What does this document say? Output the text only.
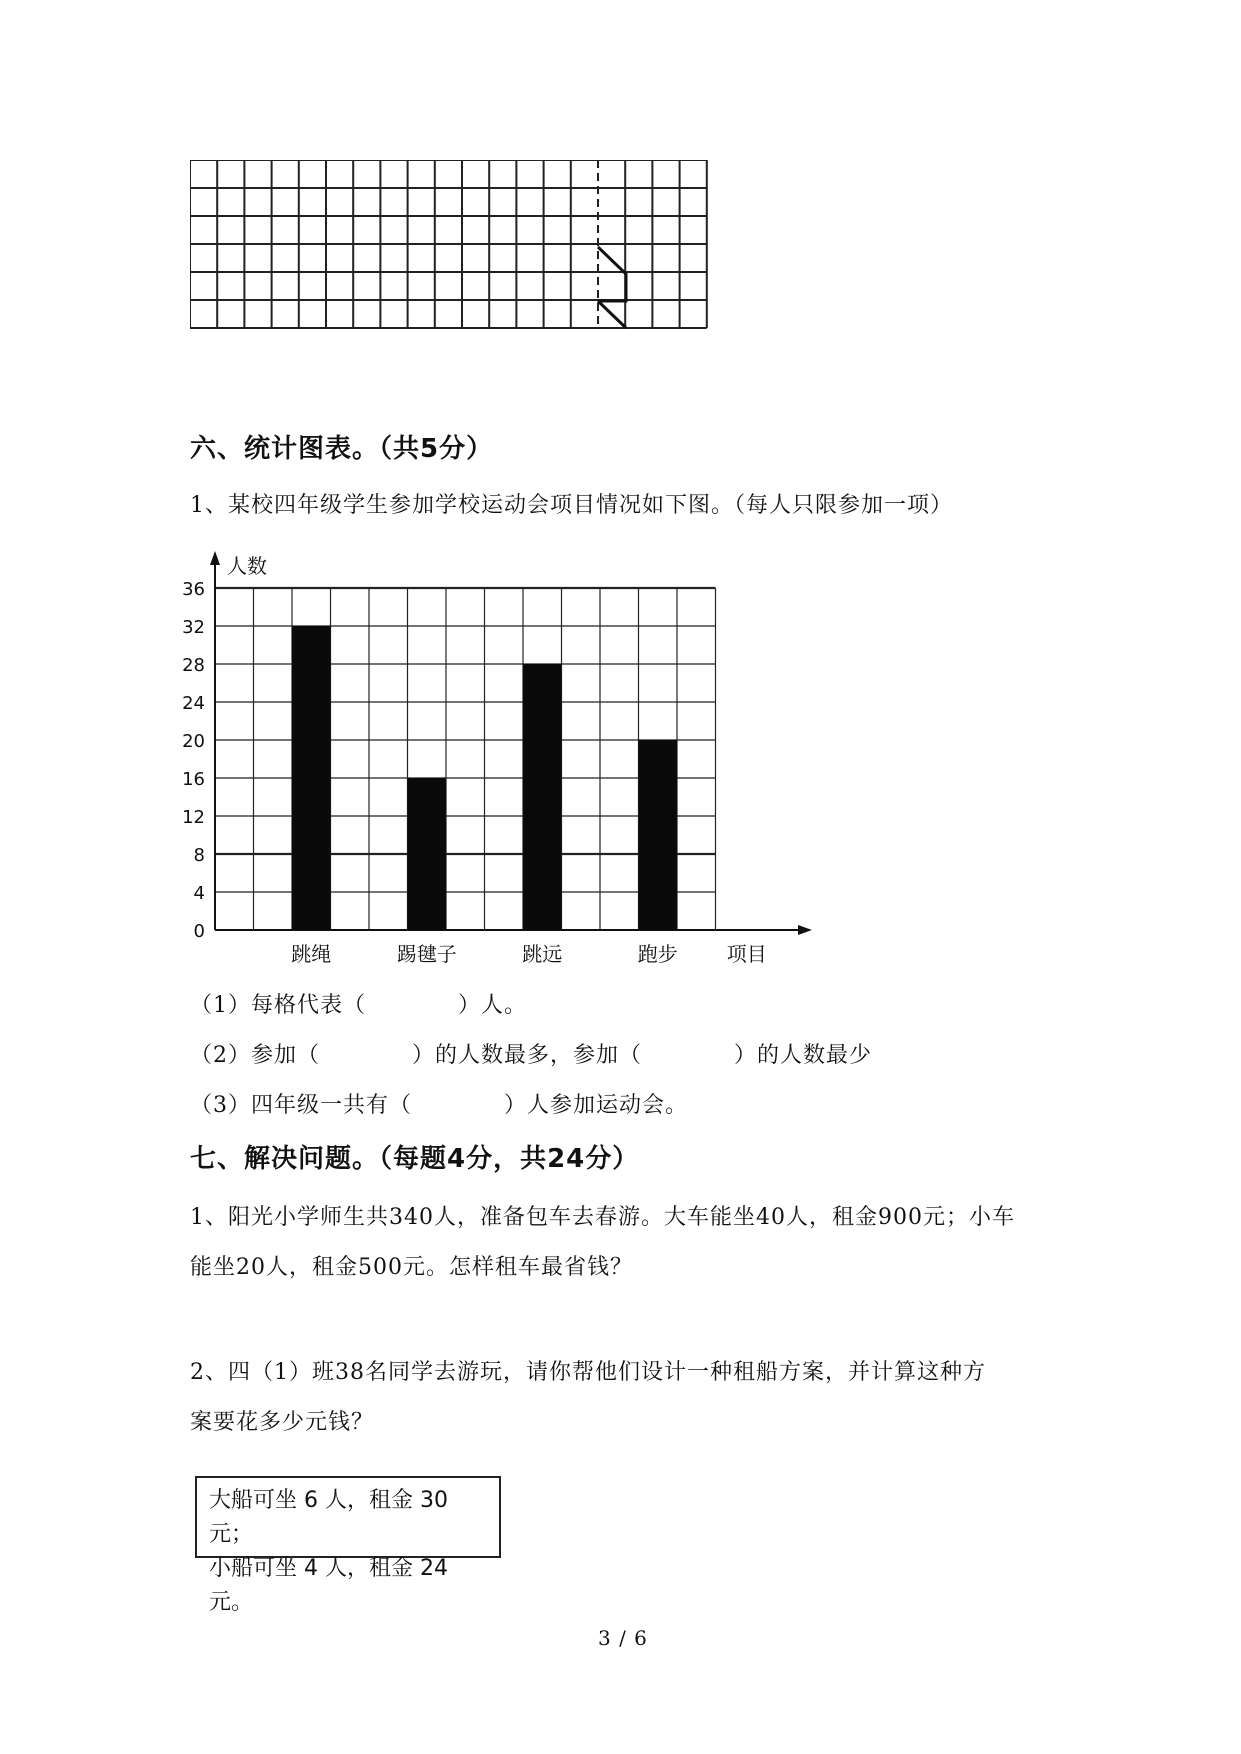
六、统计图表。（共5分）
1、某校四年级学生参加学校运动会项目情况如下图。（每人只限参加一项）
0
4
8
12
16
20
24
28
32
36
人数
项目
跳绳	踢毽子	跳远	跑步
（1）每格代表（　　　　）人。
（2）参加（　　　　）的人数最多，参加（　　　　）的人数最少
（3）四年级一共有（　　　　）人参加运动会。
七、解决问题。（每题4分，共24分）
1、阳光小学师生共340人，准备包车去春游。大车能坐40人，租金900元；小车
能坐20人，租金500元。怎样租车最省钱？
2、四（1）班38名同学去游玩，请你帮他们设计一种租船方案，并计算这种方
案要花多少元钱？
大船可坐 6 人，租金 30 元；
小船可坐 4 人，租金 24 元。
3 / 6
